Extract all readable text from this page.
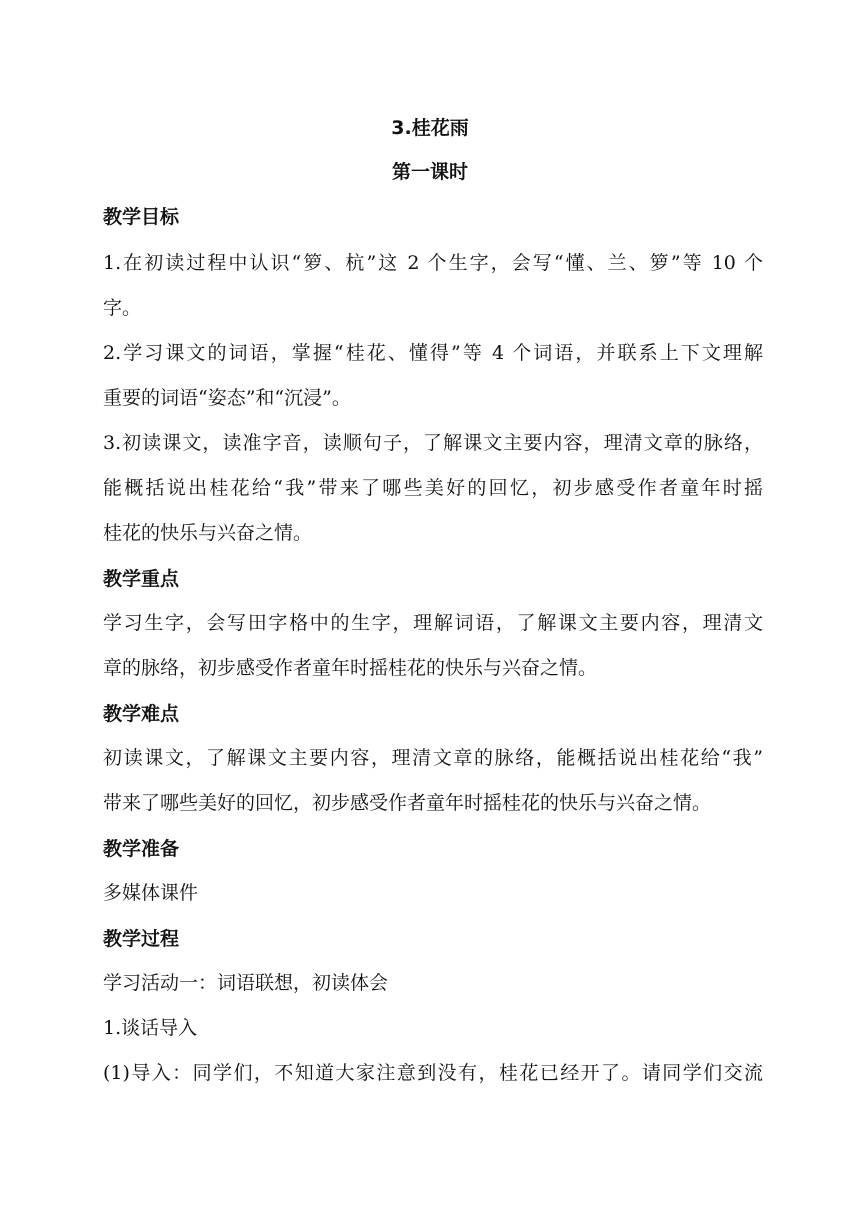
3.桂花雨
第一课时
教学目标
1.在初读过程中认识“箩、杭”这 2 个生字，会写“懂、兰、箩”等 10 个
字。
2.学习课文的词语，掌握“桂花、懂得”等 4 个词语，并联系上下文理解
重要的词语“姿态”和“沉浸”。
3.初读课文，读准字音，读顺句子，了解课文主要内容，理清文章的脉络，
能概括说出桂花给“我”带来了哪些美好的回忆，初步感受作者童年时摇
桂花的快乐与兴奋之情。
教学重点
学习生字，会写田字格中的生字，理解词语，了解课文主要内容，理清文
章的脉络，初步感受作者童年时摇桂花的快乐与兴奋之情。
教学难点
初读课文，了解课文主要内容，理清文章的脉络，能概括说出桂花给“我”
带来了哪些美好的回忆，初步感受作者童年时摇桂花的快乐与兴奋之情。
教学准备
多媒体课件
教学过程
学习活动一：词语联想，初读体会
1.谈话导入
(1)导入：同学们，不知道大家注意到没有，桂花已经开了。请同学们交流
